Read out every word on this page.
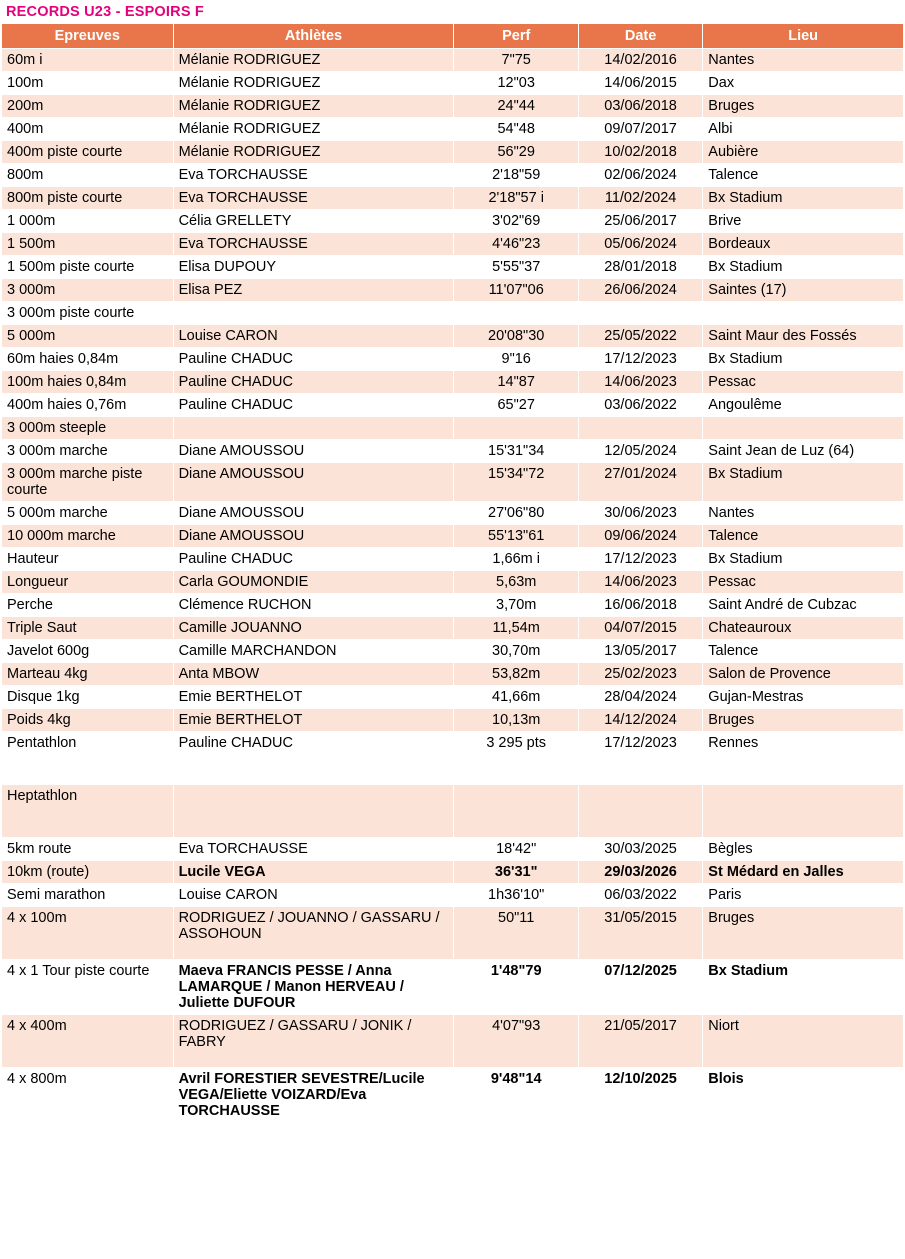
RECORDS U23 - ESPOIRS F
Epreuves	Athlètes	Perf	Date	Lieu
60m i	Mélanie RODRIGUEZ	7"75	14/02/2016	Nantes
100m	Mélanie RODRIGUEZ	12"03	14/06/2015	Dax
200m	Mélanie RODRIGUEZ	24"44	03/06/2018	Bruges
400m	Mélanie RODRIGUEZ	54"48	09/07/2017	Albi
400m piste courte	Mélanie RODRIGUEZ	56"29	10/02/2018	Aubière
800m	Eva TORCHAUSSE	2'18"59	02/06/2024	Talence
800m piste courte	Eva TORCHAUSSE	2'18"57 i	11/02/2024	Bx Stadium
1 000m	Célia GRELLETY	3'02"69	25/06/2017	Brive
1 500m	Eva TORCHAUSSE	4'46"23	05/06/2024	Bordeaux
1 500m piste courte	Elisa DUPOUY	5'55"37	28/01/2018	Bx Stadium
3 000m	Elisa PEZ	11'07"06	26/06/2024	Saintes (17)
3 000m piste courte				
5 000m	Louise CARON	20'08"30	25/05/2022	Saint Maur des Fossés
60m haies 0,84m	Pauline CHADUC	9"16	17/12/2023	Bx Stadium
100m haies 0,84m	Pauline CHADUC	14"87	14/06/2023	Pessac
400m haies 0,76m	Pauline CHADUC	65"27	03/06/2022	Angoulême
3 000m steeple				
3 000m marche	Diane AMOUSSOU	15'31"34	12/05/2024	Saint Jean de Luz (64)
3 000m marche piste courte	Diane AMOUSSOU	15'34"72	27/01/2024	Bx Stadium
5 000m marche	Diane AMOUSSOU	27'06"80	30/06/2023	Nantes
10 000m marche	Diane AMOUSSOU	55'13"61	09/06/2024	Talence
Hauteur	Pauline CHADUC	1,66m i	17/12/2023	Bx Stadium
Longueur	Carla GOUMONDIE	5,63m	14/06/2023	Pessac
Perche	Clémence RUCHON	3,70m	16/06/2018	Saint André de Cubzac
Triple Saut	Camille JOUANNO	11,54m	04/07/2015	Chateauroux
Javelot 600g	Camille MARCHANDON	30,70m	13/05/2017	Talence
Marteau 4kg	Anta MBOW	53,82m	25/02/2023	Salon de Provence
Disque 1kg	Emie BERTHELOT	41,66m	28/04/2024	Gujan-Mestras
Poids 4kg	Emie BERTHELOT	10,13m	14/12/2024	Bruges
Pentathlon	Pauline CHADUC	3 295 pts	17/12/2023	Rennes
Heptathlon				
5km route	Eva TORCHAUSSE	18'42"	30/03/2025	Bègles
10km (route)	Lucile VEGA	36'31"	29/03/2026	St Médard en Jalles
Semi marathon	Louise CARON	1h36'10"	06/03/2022	Paris
4 x 100m	RODRIGUEZ / JOUANNO / GASSARU / ASSOHOUN	50"11	31/05/2015	Bruges
4 x 1 Tour piste courte	Maeva FRANCIS PESSE / Anna LAMARQUE / Manon HERVEAU / Juliette DUFOUR	1'48"79	07/12/2025	Bx Stadium
4 x 400m	RODRIGUEZ / GASSARU / JONIK / FABRY	4'07"93	21/05/2017	Niort
4 x 800m	Avril FORESTIER SEVESTRE/Lucile VEGA/Eliette VOIZARD/Eva TORCHAUSSE	9'48"14	12/10/2025	Blois
